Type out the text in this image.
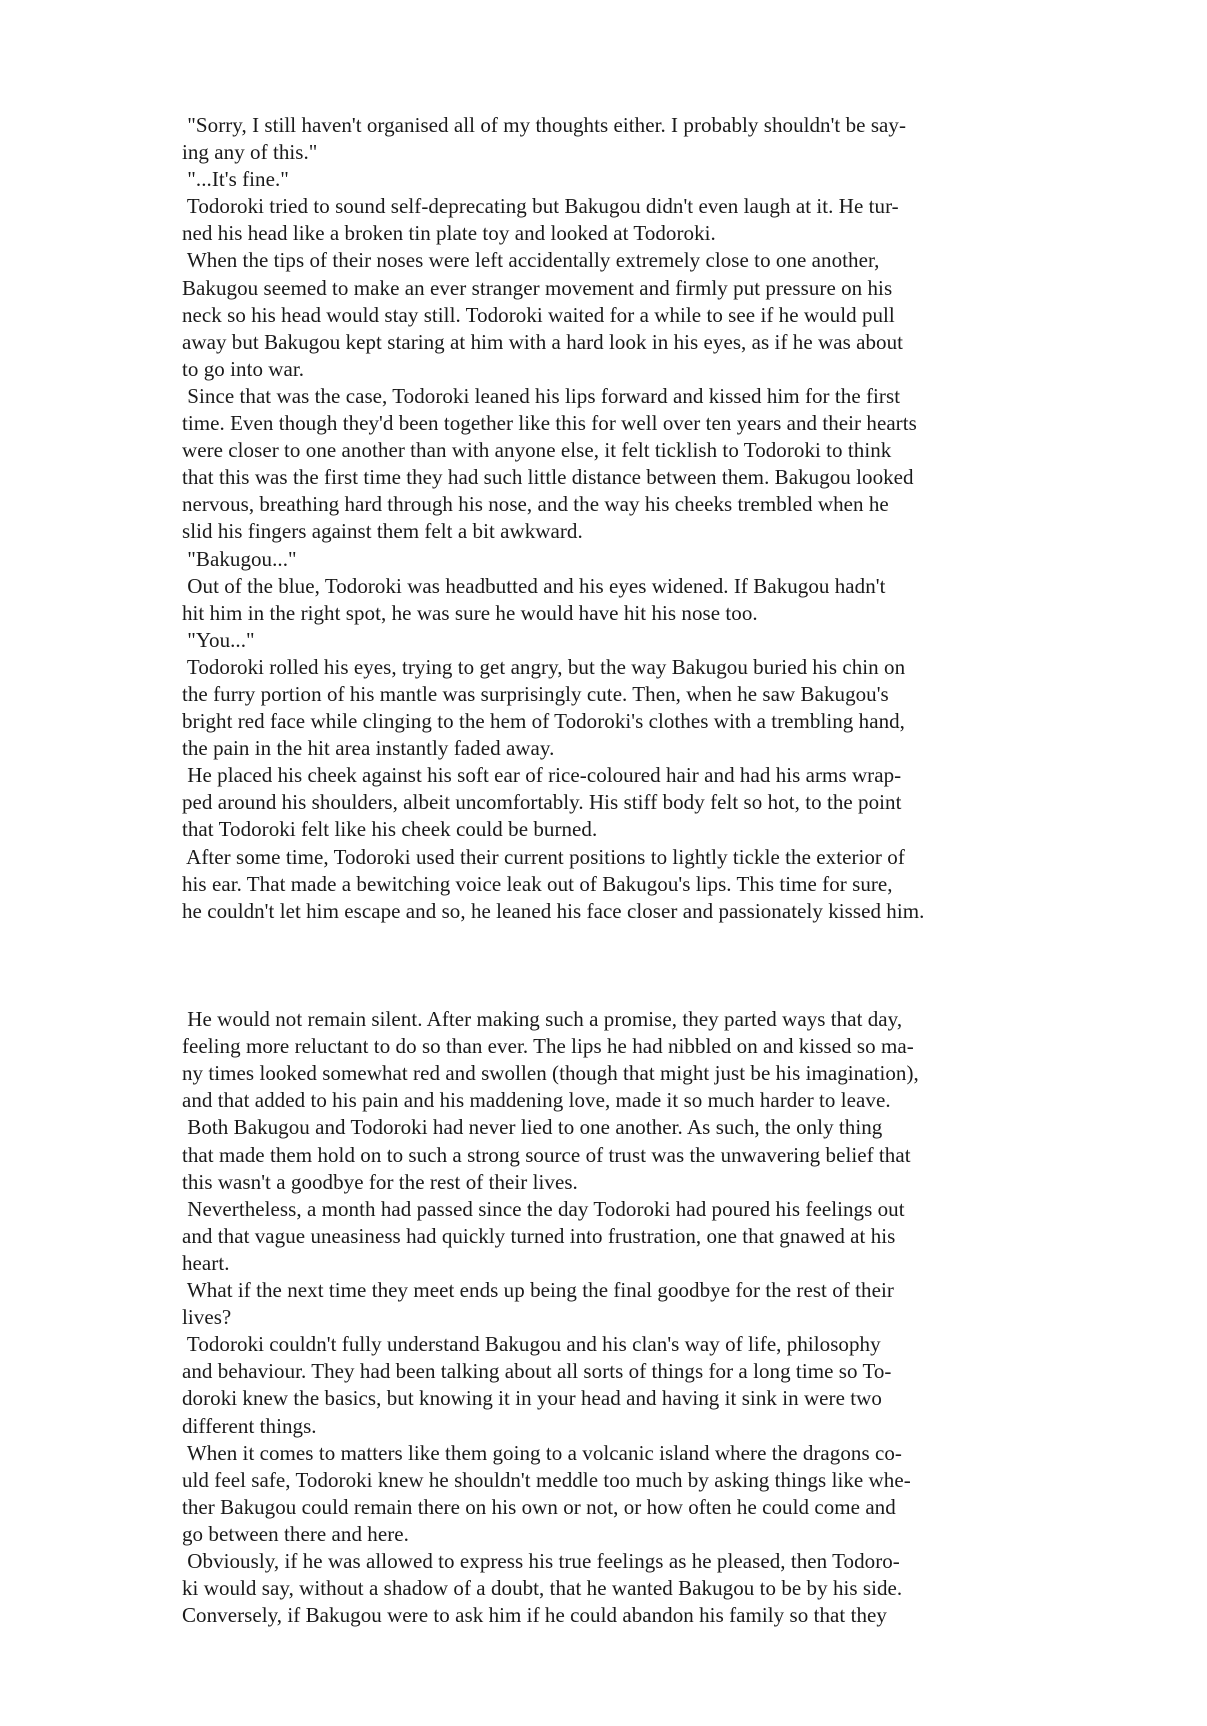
"Sorry, I still haven't organised all of my thoughts either. I probably shouldn't be say-
ing any of this."
"...It's fine."
Todoroki tried to sound self-deprecating but Bakugou didn't even laugh at it. He tur-
ned his head like a broken tin plate toy and looked at Todoroki.
When the tips of their noses were left accidentally extremely close to one another,
Bakugou seemed to make an ever stranger movement and firmly put pressure on his
neck so his head would stay still. Todoroki waited for a while to see if he would pull
away but Bakugou kept staring at him with a hard look in his eyes, as if he was about
to go into war.
Since that was the case, Todoroki leaned his lips forward and kissed him for the first
time. Even though they'd been together like this for well over ten years and their hearts
were closer to one another than with anyone else, it felt ticklish to Todoroki to think
that this was the first time they had such little distance between them. Bakugou looked
nervous, breathing hard through his nose, and the way his cheeks trembled when he
slid his fingers against them felt a bit awkward.
"Bakugou..."
Out of the blue, Todoroki was headbutted and his eyes widened. If Bakugou hadn't
hit him in the right spot, he was sure he would have hit his nose too.
"You..."
Todoroki rolled his eyes, trying to get angry, but the way Bakugou buried his chin on
the furry portion of his mantle was surprisingly cute. Then, when he saw Bakugou's
bright red face while clinging to the hem of Todoroki's clothes with a trembling hand,
the pain in the hit area instantly faded away.
He placed his cheek against his soft ear of rice-coloured hair and had his arms wrap-
ped around his shoulders, albeit uncomfortably. His stiff body felt so hot, to the point
that Todoroki felt like his cheek could be burned.
After some time, Todoroki used their current positions to lightly tickle the exterior of
his ear. That made a bewitching voice leak out of Bakugou's lips. This time for sure,
he couldn't let him escape and so, he leaned his face closer and passionately kissed him.
He would not remain silent. After making such a promise, they parted ways that day,
feeling more reluctant to do so than ever. The lips he had nibbled on and kissed so ma-
ny times looked somewhat red and swollen (though that might just be his imagination),
and that added to his pain and his maddening love, made it so much harder to leave.
Both Bakugou and Todoroki had never lied to one another. As such, the only thing
that made them hold on to such a strong source of trust was the unwavering belief that
this wasn't a goodbye for the rest of their lives.
Nevertheless, a month had passed since the day Todoroki had poured his feelings out
and that vague uneasiness had quickly turned into frustration, one that gnawed at his
heart.
What if the next time they meet ends up being the final goodbye for the rest of their
lives?
Todoroki couldn't fully understand Bakugou and his clan's way of life, philosophy
and behaviour. They had been talking about all sorts of things for a long time so To-
doroki knew the basics, but knowing it in your head and having it sink in were two
different things.
When it comes to matters like them going to a volcanic island where the dragons co-
uld feel safe, Todoroki knew he shouldn't meddle too much by asking things like whe-
ther Bakugou could remain there on his own or not, or how often he could come and
go between there and here.
Obviously, if he was allowed to express his true feelings as he pleased, then Todoro-
ki would say, without a shadow of a doubt, that he wanted Bakugou to be by his side.
Conversely, if Bakugou were to ask him if he could abandon his family so that they
